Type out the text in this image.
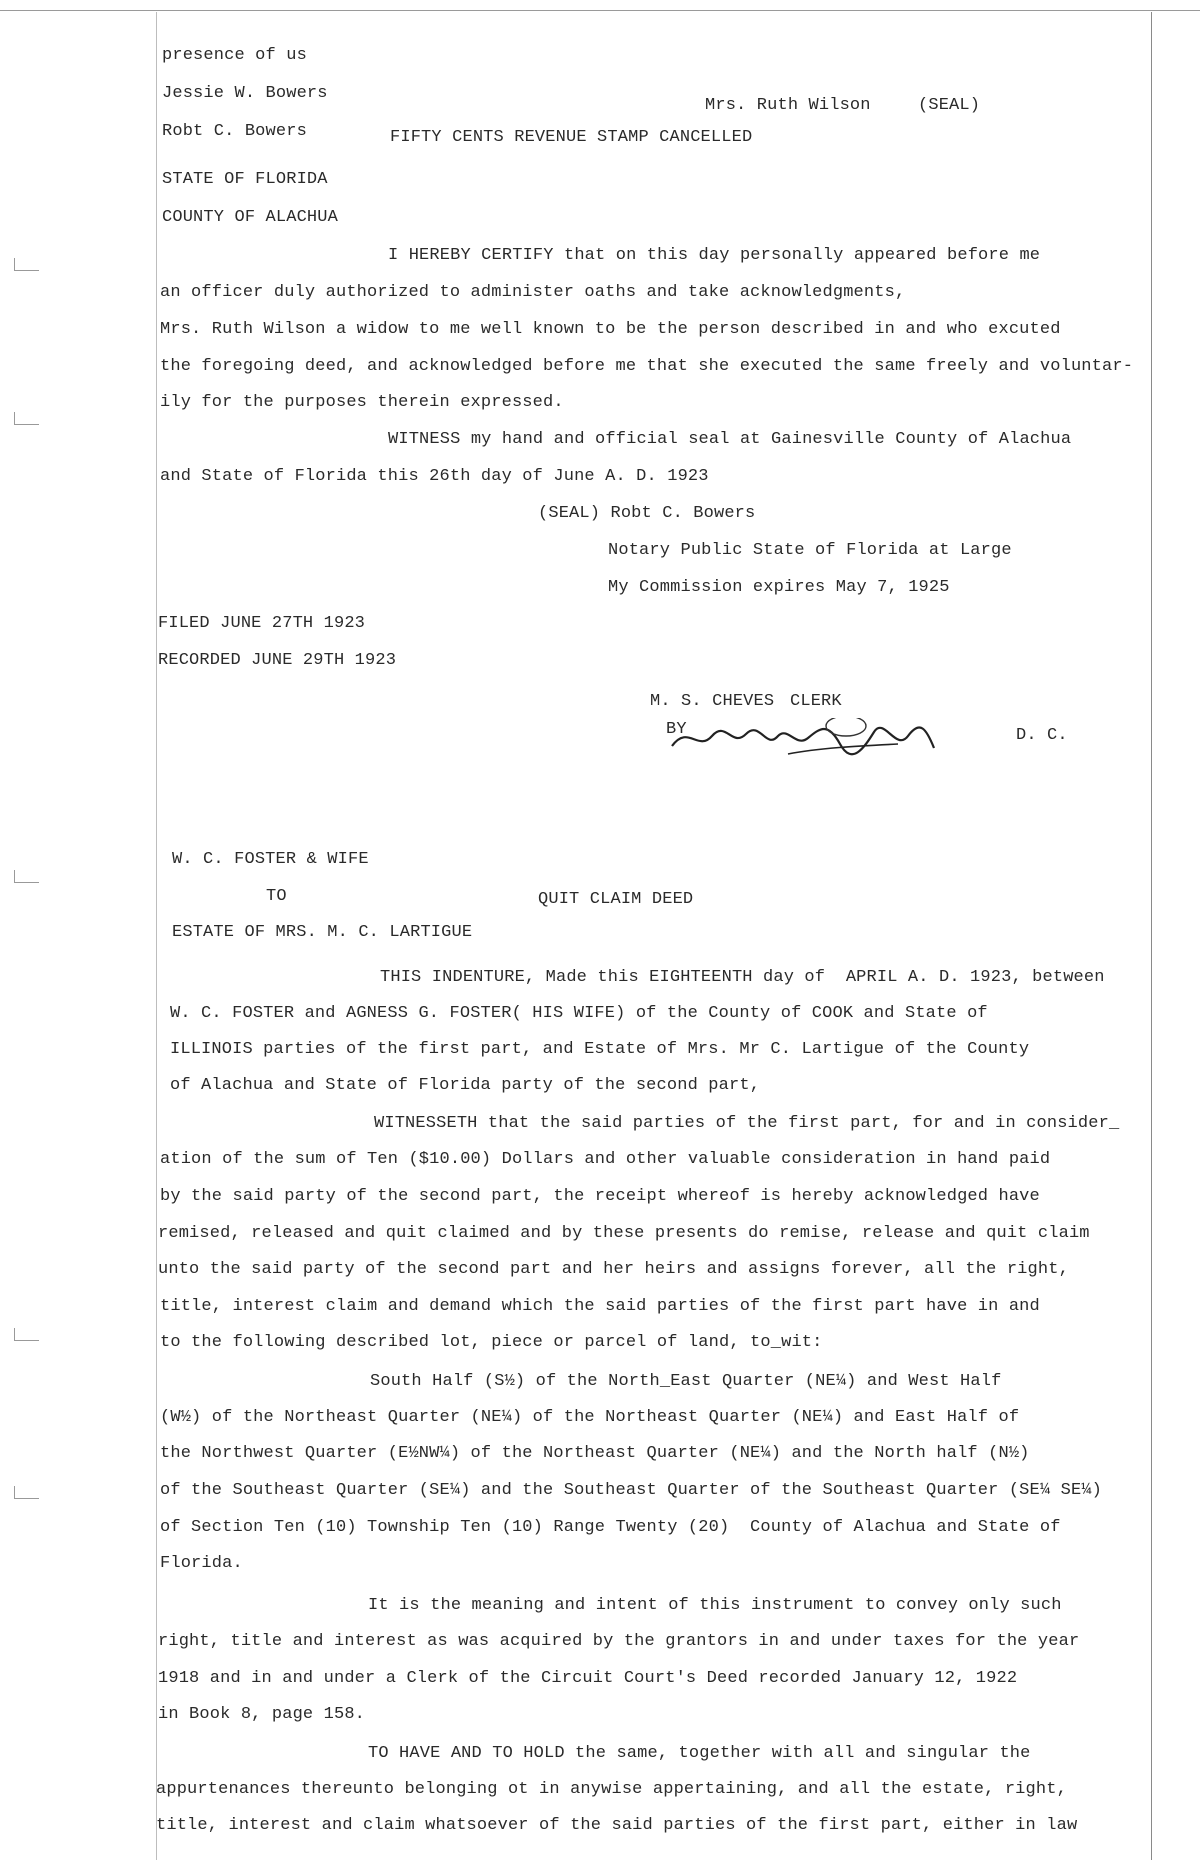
presence of us
Jessie W. Bowers
Mrs. Ruth Wilson	(SEAL)
Robt C. Bowers	FIFTY CENTS REVENUE STAMP CANCELLED
STATE OF FLORIDA
COUNTY OF ALACHUA
I HEREBY CERTIFY that on this day personally appeared before me
an officer duly authorized to administer oaths and take acknowledgments,
Mrs. Ruth Wilson a widow to me well known to be the person described in and who excuted
the foregoing deed, and acknowledged before me that she executed the same freely and voluntar-
ily for the purposes therein expressed.
WITNESS my hand and official seal at Gainesville County of Alachua
and State of Florida this 26th day of June A. D. 1923
(SEAL) Robt C. Bowers
Notary Public State of Florida at Large
My Commission expires May 7, 1925
FILED JUNE 27TH 1923
RECORDED JUNE 29TH 1923
M. S. CHEVES CLERK
BY	D. C.
W. C. FOSTER & WIFE
TO	QUIT CLAIM DEED
ESTATE OF MRS. M. C. LARTIGUE
THIS INDENTURE, Made this EIGHTEENTH day of  APRIL A. D. 1923, between
W. C. FOSTER and AGNESS G. FOSTER( HIS WIFE) of the County of COOK and State of
ILLINOIS parties of the first part, and Estate of Mrs. Mr C. Lartigue of the County
of Alachua and State of Florida party of the second part,
WITNESSETH that the said parties of the first part, for and in consider_
ation of the sum of Ten ($10.00) Dollars and other valuable consideration in hand paid
by the said party of the second part, the receipt whereof is hereby acknowledged have
remised, released and quit claimed and by these presents do remise, release and quit claim
unto the said party of the second part and her heirs and assigns forever, all the right,
title, interest claim and demand which the said parties of the first part have in and
to the following described lot, piece or parcel of land, to_wit:
South Half (S½) of the North_East Quarter (NE¼) and West Half
(W½) of the Northeast Quarter (NE¼) of the Northeast Quarter (NE¼) and East Half of
the Northwest Quarter (E½NW¼) of the Northeast Quarter (NE¼) and the North half (N½)
of the Southeast Quarter (SE¼) and the Southeast Quarter of the Southeast Quarter (SE¼ SE¼)
of Section Ten (10) Township Ten (10) Range Twenty (20)  County of Alachua and State of
Florida.
It is the meaning and intent of this instrument to convey only such
right, title and interest as was acquired by the grantors in and under taxes for the year
1918 and in and under a Clerk of the Circuit Court's Deed recorded January 12, 1922
in Book 8, page 158.
TO HAVE AND TO HOLD the same, together with all and singular the
appurtenances thereunto belonging ot in anywise appertaining, and all the estate, right,
title, interest and claim whatsoever of the said parties of the first part, either in law
